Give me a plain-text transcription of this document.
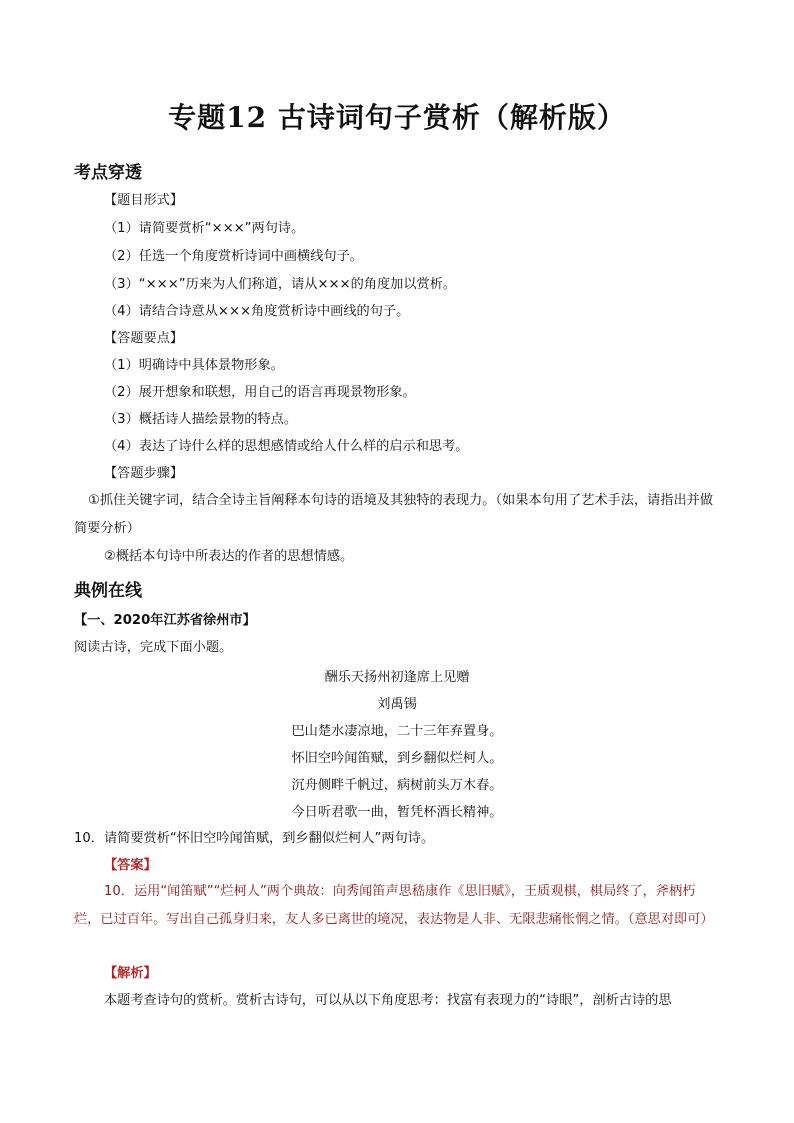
专题12 古诗词句子赏析（解析版）
考点穿透
【题目形式】
（1）请简要赏析“×××”两句诗。
（2）任选一个角度赏析诗词中画横线句子。
（3）“×××”历来为人们称道，请从×××的角度加以赏析。
（4）请结合诗意从×××角度赏析诗中画线的句子。
【答题要点】
（1）明确诗中具体景物形象。
（2）展开想象和联想，用自己的语言再现景物形象。
（3）概括诗人描绘景物的特点。
（4）表达了诗什么样的思想感情或给人什么样的启示和思考。
【答题步骤】
①抓住关键字词，结合全诗主旨阐释本句诗的语境及其独特的表现力。（如果本句用了艺术手法，请指出并做简要分析）
②概括本句诗中所表达的作者的思想情感。
典例在线
【一、2020年江苏省徐州市】
阅读古诗，完成下面小题。
酬乐天扬州初逢席上见赠
刘禹锡
巴山楚水凄凉地，二十三年弃置身。
怀旧空吟闻笛赋，到乡翻似烂柯人。
沉舟侧畔千帆过，病树前头万木春。
今日听君歌一曲，暂凭杯酒长精神。
10．请简要赏析“怀旧空吟闻笛赋，到乡翻似烂柯人”两句诗。
【答案】
10．运用“闻笛赋”“烂柯人”两个典故：向秀闻笛声思嵇康作《思旧赋》，王质观棋，棋局终了，斧柄朽烂，已过百年。写出自己孤身归来，友人多已离世的境况，表达物是人非、无限悲痛怅惘之情。（意思对即可）
【解析】
本题考查诗句的赏析。赏析古诗句，可以从以下角度思考：找富有表现力的“诗眼”，剖析古诗的思
